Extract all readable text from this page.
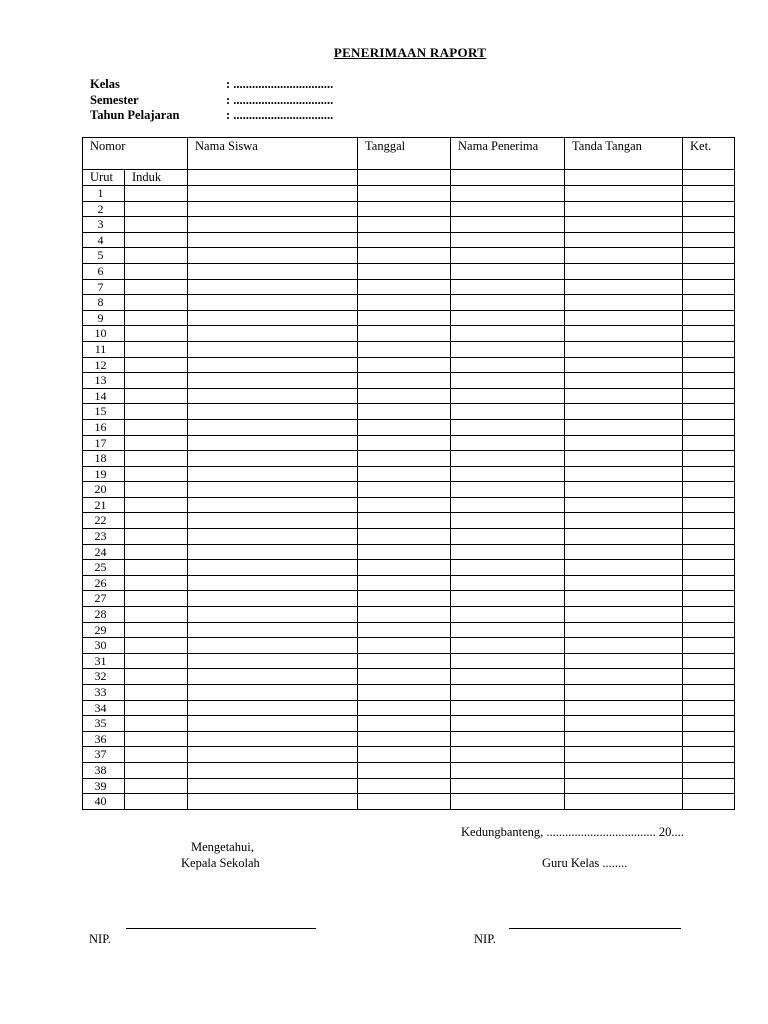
PENERIMAAN RAPORT
Kelas	: ................................
Semester	: ................................
Tahun Pelajaran	: ................................
Nomor		Nama Siswa	Tanggal	Nama Penerima	Tanda Tangan	Ket.
Urut	Induk					
1						
2						
3						
4						
5						
6						
7						
8						
9						
10						
11						
12						
13						
14						
15						
16						
17						
18						
19						
20						
21						
22						
23						
24						
25						
26						
27						
28						
29						
30						
31						
32						
33						
34						
35						
36						
37						
38						
39						
40						
Kedungbanteng, ................................... 20....
Mengetahui,
Kepala Sekolah	Guru Kelas ........
NIP.	NIP.
